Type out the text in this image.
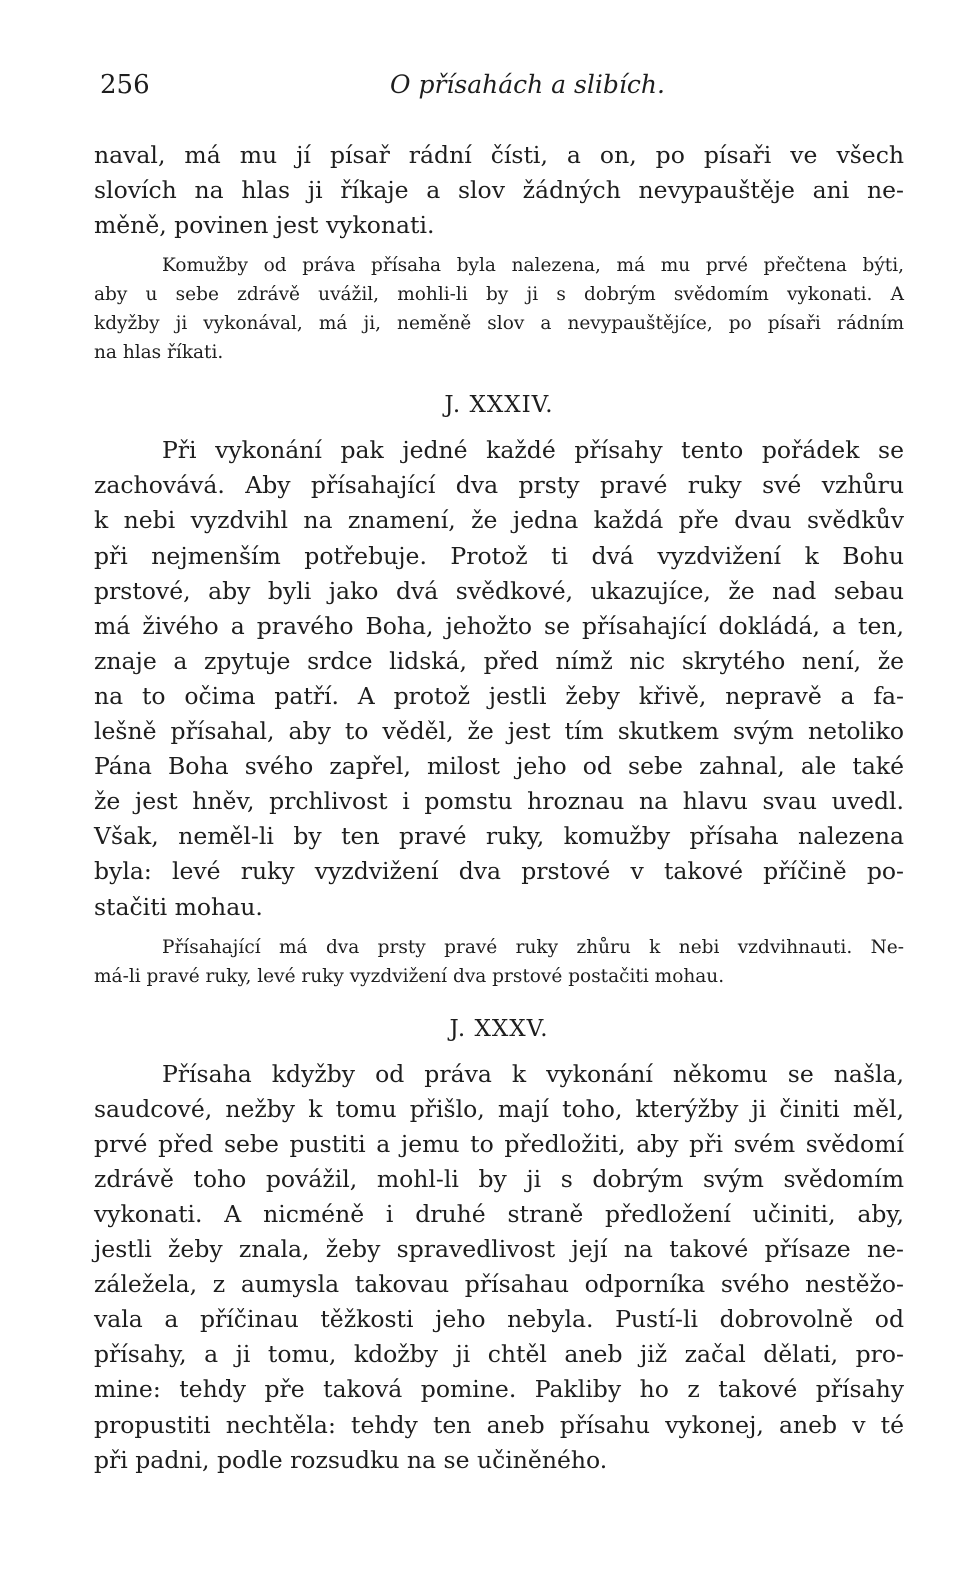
256	O přísahách a slibích.
naval, má mu jí písař rádní čísti, a on, po písaři ve všech
slovích na hlas ji říkaje a slov žádných nevypauštěje ani ne-
měně, povinen jest vykonati.
Komužby od práva přísaha byla nalezena, má mu prvé přečtena býti,
aby u sebe zdrávě uvážil, mohli-li by ji s dobrým svědomím vykonati. A
kdyžby ji vykonával, má ji, neměně slov a nevypauštějíce, po písaři rádním
na hlas říkati.
J. XXXIV.
Při vykonání pak jedné každé přísahy tento pořádek se
zachovává. Aby přísahající dva prsty pravé ruky své vzhůru
k nebi vyzdvihl na znamení, že jedna každá pře dvau svědkův
při nejmenším potřebuje. Protož ti dvá vyzdvižení k Bohu
prstové, aby byli jako dvá svědkové, ukazujíce, že nad sebau
má živého a pravého Boha, jehožto se přísahající dokládá, a ten,
znaje a zpytuje srdce lidská, před nímž nic skrytého není, že
na to očima patří. A protož jestli žeby křivě, nepravě a fa-
lešně přísahal, aby to věděl, že jest tím skutkem svým netoliko
Pána Boha svého zapřel, milost jeho od sebe zahnal, ale také
že jest hněv, prchlivost i pomstu hroznau na hlavu svau uvedl.
Však, neměl-li by ten pravé ruky, komužby přísaha nalezena
byla: levé ruky vyzdvižení dva prstové v takové příčině po-
stačiti mohau.
Přísahající má dva prsty pravé ruky zhůru k nebi vzdvihnauti. Ne-
má-li pravé ruky, levé ruky vyzdvižení dva prstové postačiti mohau.
J. XXXV.
Přísaha kdyžby od práva k vykonání někomu se našla,
saudcové, nežby k tomu přišlo, mají toho, kterýžby ji činiti měl,
prvé před sebe pustiti a jemu to předložiti, aby při svém svědomí
zdrávě toho povážil, mohl-li by ji s dobrým svým svědomím
vykonati. A nicméně i druhé straně předložení učiniti, aby,
jestli žeby znala, žeby spravedlivost její na takové přísaze ne-
záležela, z aumysla takovau přísahau odporníka svého nestěžo-
vala a příčinau těžkosti jeho nebyla. Pustí-li dobrovolně od
přísahy, a ji tomu, kdožby ji chtěl aneb již začal dělati, pro-
mine: tehdy pře taková pomine. Pakliby ho z takové přísahy
propustiti nechtěla: tehdy ten aneb přísahu vykonej, aneb v té
při padni, podle rozsudku na se učiněného.
